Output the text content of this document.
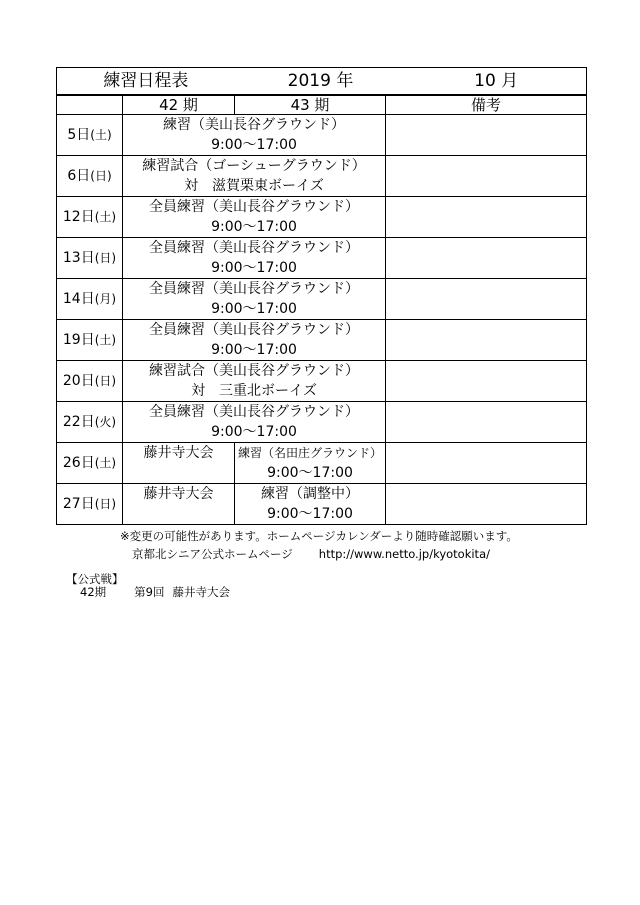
練習日程表 2019 年 10 月			

	42 期	43 期	備考
5日(土)	練習（美山長谷グラウンド）
9:00～17:00		

6日(日)	練習試合（ゴーシューグラウンド）
対　滋賀栗東ボーイズ		

12日(土)	全員練習（美山長谷グラウンド）
9:00～17:00		

13日(日)	全員練習（美山長谷グラウンド）
9:00～17:00		

14日(月)	全員練習（美山長谷グラウンド）
9:00～17:00		

19日(土)	全員練習（美山長谷グラウンド）
9:00～17:00		

20日(日)	練習試合（美山長谷グラウンド）
対　三重北ボーイズ		

22日(火)	全員練習（美山長谷グラウンド）
9:00～17:00		

26日(土)	藤井寺大会	練習（名田庄グラウンド）
9:00～17:00	

27日(日)	藤井寺大会	練習（調整中）
9:00～17:00	

※変更の可能性があります。ホームページカレンダーより随時確認願います。
京都北シニア公式ホームページ http://www.netto.jp/kyotokita/
【公式戦】
42期 第9回 藤井寺大会
